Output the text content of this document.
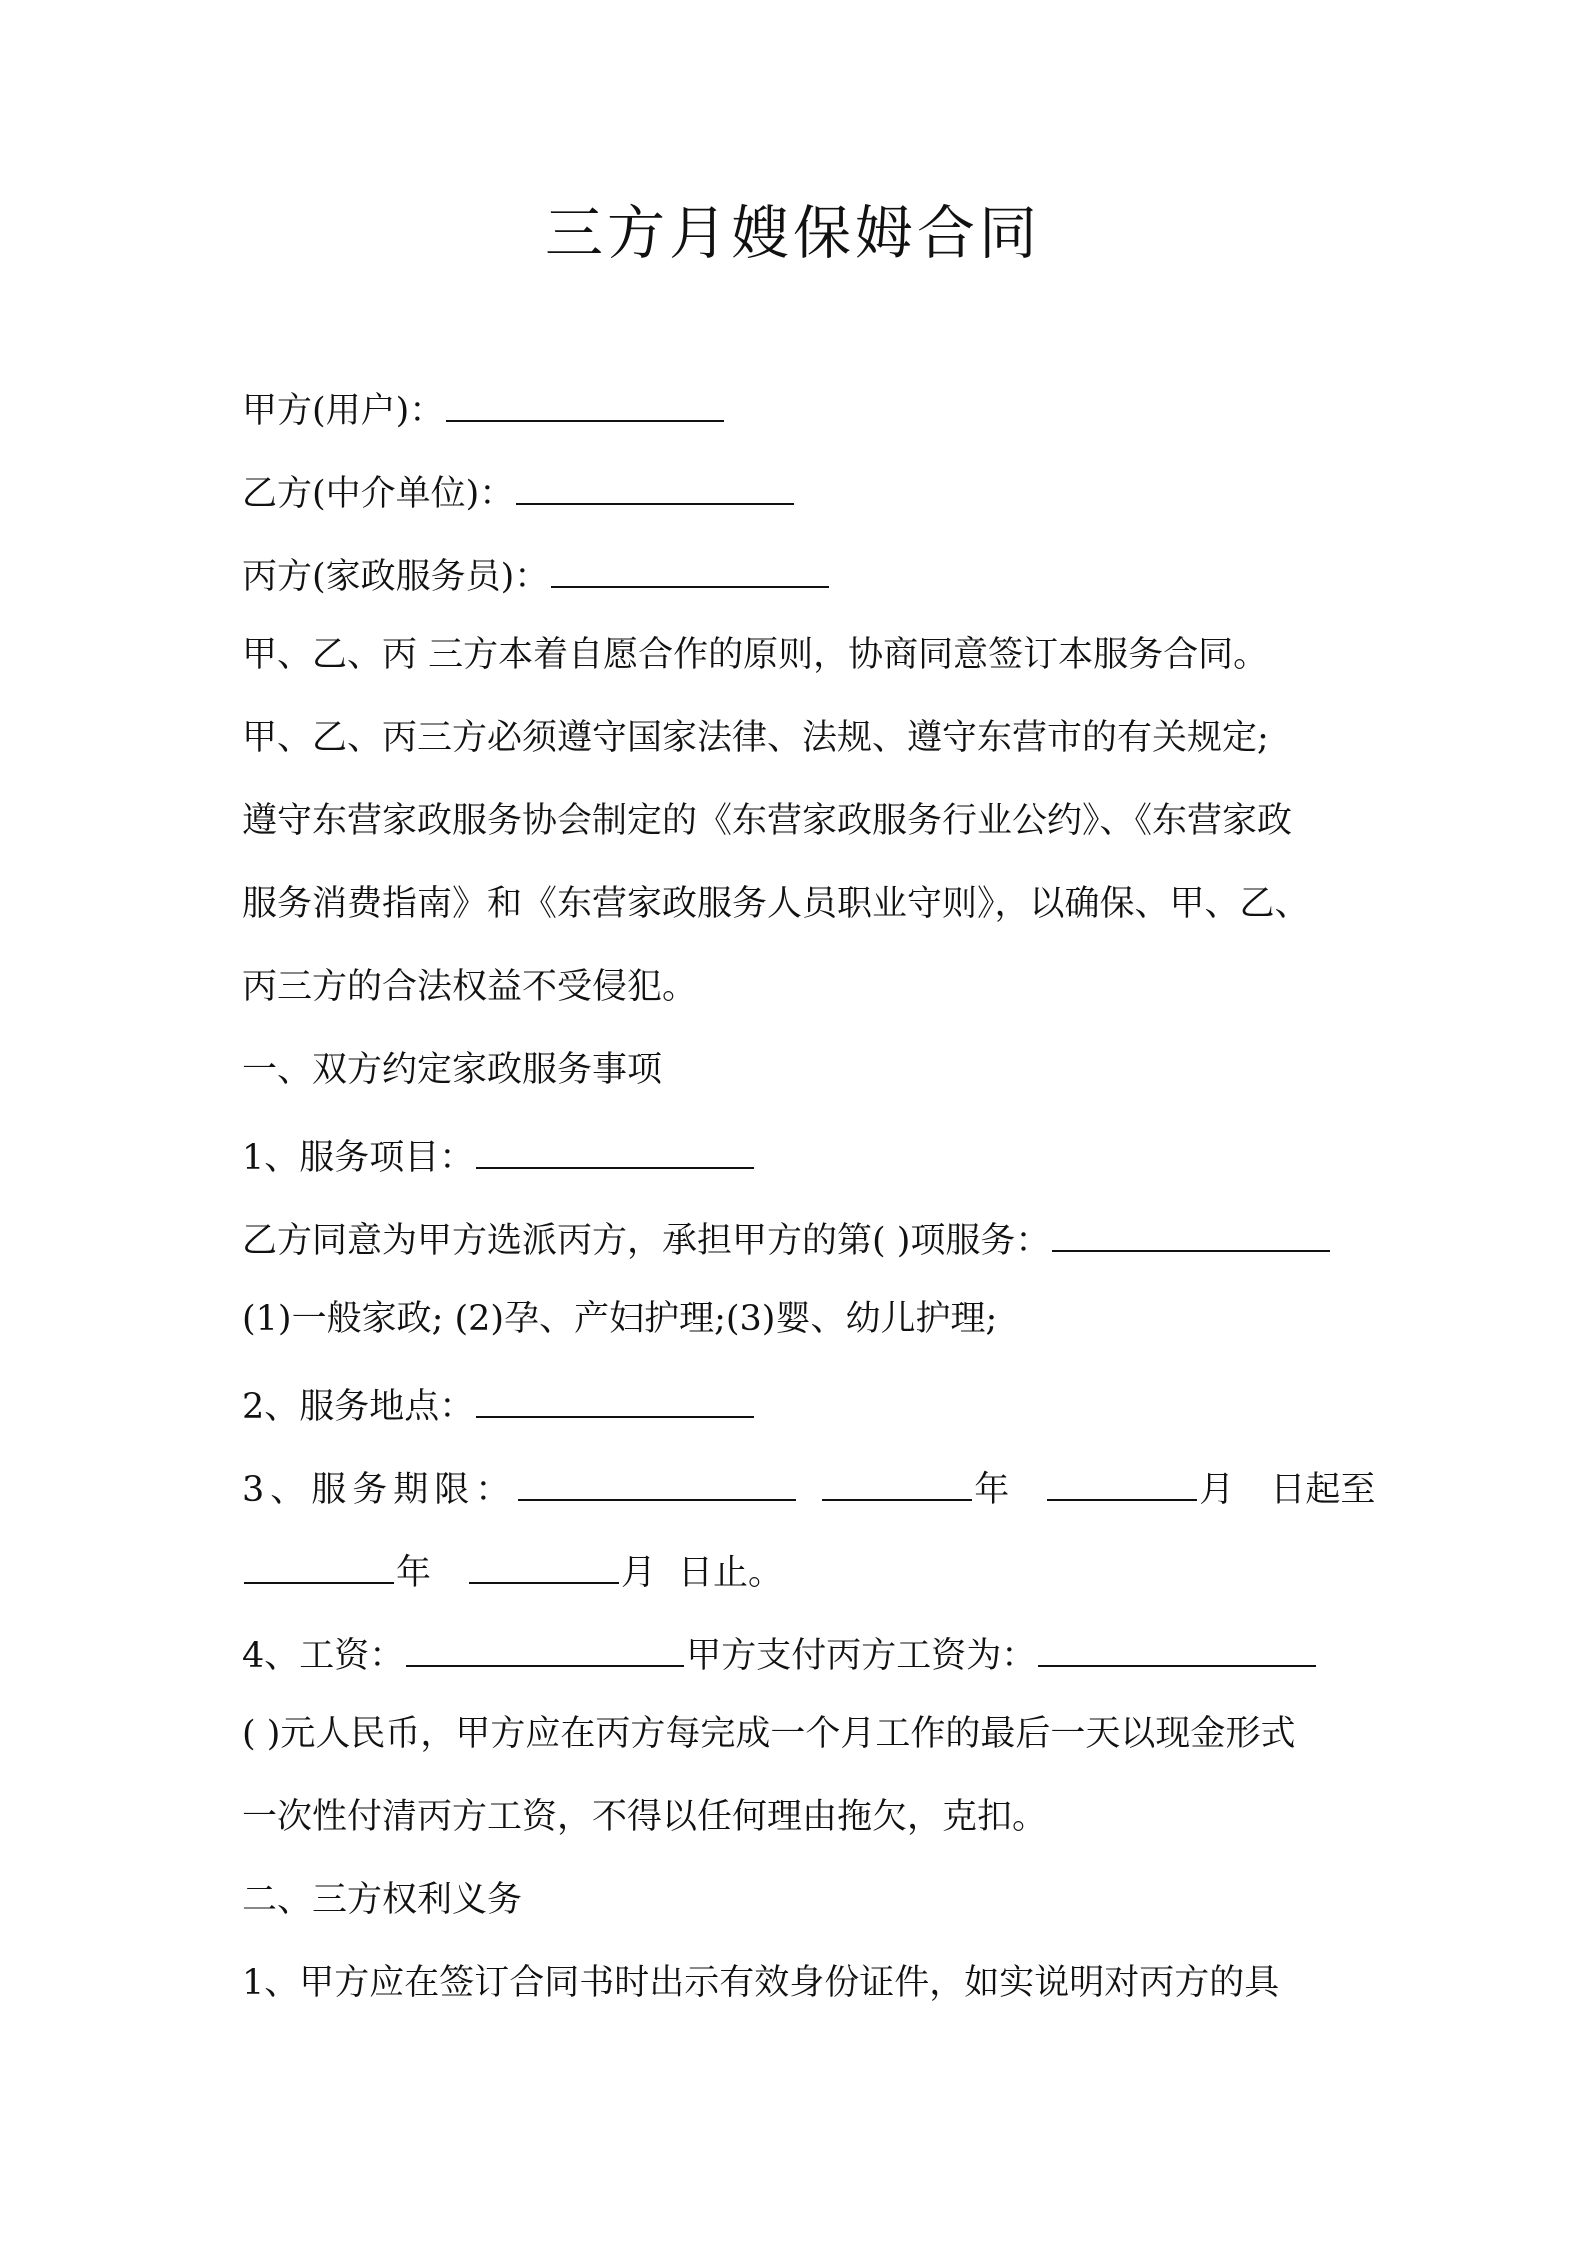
三方月嫂保姆合同
甲方(用户)：
乙方(中介单位)：
丙方(家政服务员)：
甲、乙、丙 三方本着自愿合作的原则，协商同意签订本服务合同。
甲、乙、丙三方必须遵守国家法律、法规、遵守东营市的有关规定;
遵守东营家政服务协会制定的《东营家政服务行业公约》、《东营家政
服务消费指南》和《东营家政服务人员职业守则》，以确保、甲、乙、
丙三方的合法权益不受侵犯。
一、双方约定家政服务事项
1、服务项目：
乙方同意为甲方选派丙方，承担甲方的第( )项服务：
(1)一般家政; (2)孕、产妇护理;(3)婴、幼儿护理;
2、服务地点：
3、服务期限：	年	月 日起至
年	月 日止。
4、工资：	甲方支付丙方工资为：
( )元人民币，甲方应在丙方每完成一个月工作的最后一天以现金形式
一次性付清丙方工资，不得以任何理由拖欠，克扣。
二、三方权利义务
1、甲方应在签订合同书时出示有效身份证件，如实说明对丙方的具
